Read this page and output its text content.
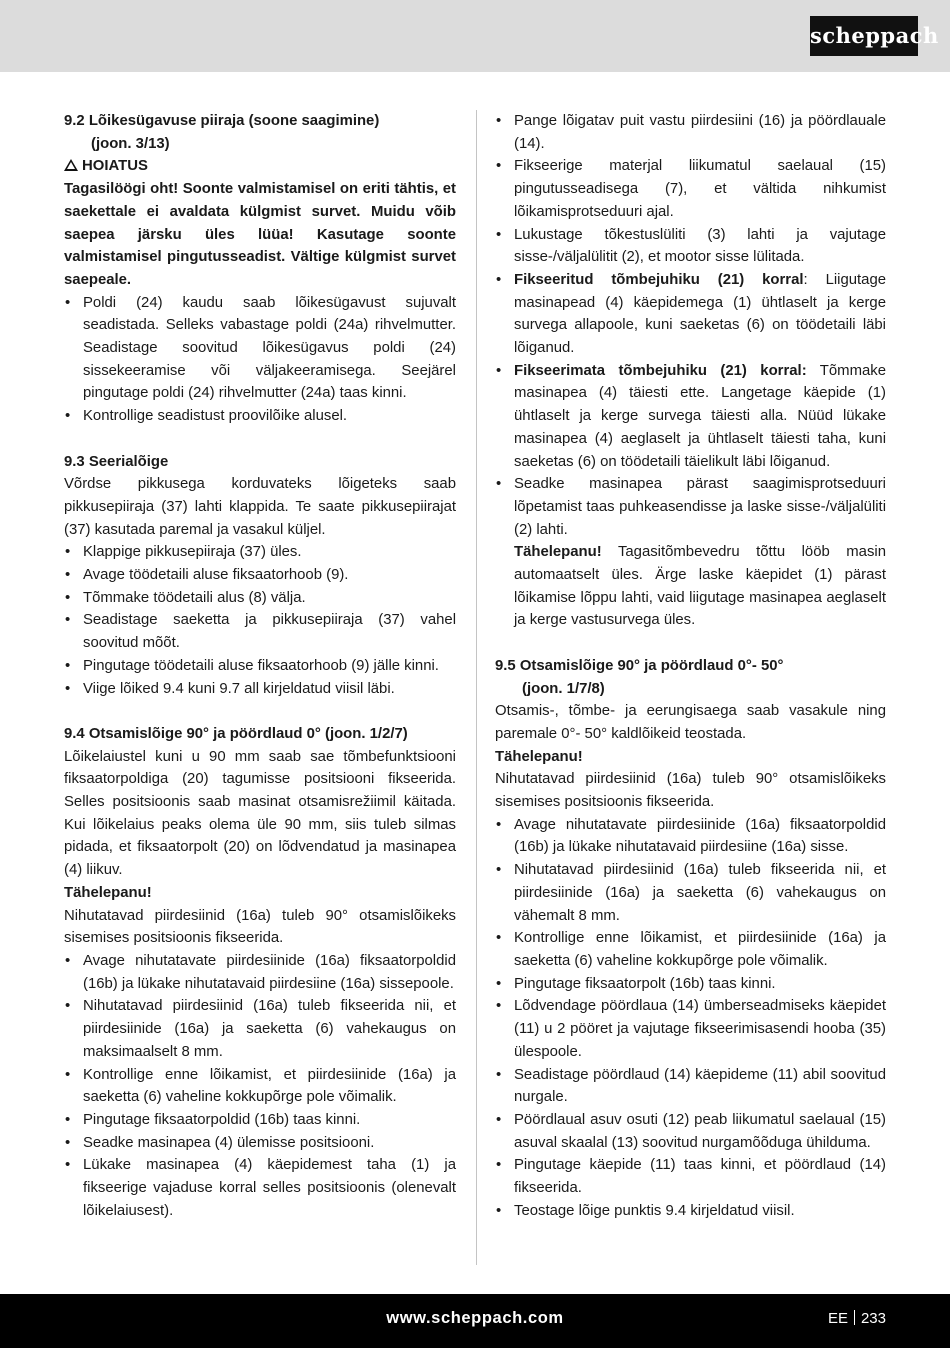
scheppach
9.2 Lõikesügavuse piiraja (soone saagimine)
(joon. 3/13)
HOIATUS
Tagasilöögi oht! Soonte valmistamisel on eriti tähtis, et saekettale ei avaldata külgmist survet. Muidu võib saepea järsku üles lüüa! Kasutage soonte valmistamisel pingutusseadist. Vältige külgmist survet saepeale.
• Poldi (24) kaudu saab lõikesügavust sujuvalt seadistada. Selleks vabastage poldi (24a) rihvelmutter. Seadistage soovitud lõikesügavus poldi (24) sissekeeramise või väljakeeramisega. Seejärel pingutage poldi (24) rihvelmutter (24a) taas kinni.
• Kontrollige seadistust proovilõike alusel.
9.3 Seerialõige
Võrdse pikkusega korduvateks lõigeteks saab pikkusepiiraja (37) lahti klappida. Te saate pikkusepiirajat (37) kasutada paremal ja vasakul küljel.
• Klappige pikkusepiiraja (37) üles.
• Avage töödetaili aluse fiksaatorhoob (9).
• Tõmmake töödetaili alus (8) välja.
• Seadistage saeketta ja pikkusepiiraja (37) vahel soovitud mõõt.
• Pingutage töödetaili aluse fiksaatorhoob (9) jälle kinni.
• Viige lõiked 9.4 kuni 9.7 all kirjeldatud viisil läbi.
9.4 Otsamislõige 90° ja pöördlaud 0° (joon. 1/2/7)
Lõikelaiustel kuni u 90 mm saab sae tõmbefunktsiooni fiksaatorpoldiga (20) tagumisse positsiooni fikseerida. Selles positsioonis saab masinat otsamisrežiimil käitada. Kui lõikelaius peaks olema üle 90 mm, siis tuleb silmas pidada, et fiksaatorpolt (20) on lõdvendatud ja masinapea (4) liikuv.
Tähelepanu!
Nihutatavad piirdesiinid (16a) tuleb 90° otsamislõikeks sisemises positsioonis fikseerida.
• Avage nihutatavate piirdesiinide (16a) fiksaatorpoldid (16b) ja lükake nihutatavaid piirdesiine (16a) sissepoole.
• Nihutatavad piirdesiinid (16a) tuleb fikseerida nii, et piirdesiinide (16a) ja saeketta (6) vahekaugus on maksimaalselt 8 mm.
• Kontrollige enne lõikamist, et piirdesiinide (16a) ja saeketta (6) vaheline kokkupõrge pole võimalik.
• Pingutage fiksaatorpoldid (16b) taas kinni.
• Seadke masinapea (4) ülemisse positsiooni.
• Lükake masinapea (4) käepidemest taha (1) ja fikseerige vajaduse korral selles positsioonis (olenevalt lõikelaiusest).
• Pange lõigatav puit vastu piirdesiini (16) ja pöördlauale (14).
• Fikseerige materjal liikumatul saelaual (15) pingutusseadisega (7), et vältida nihkumist lõikamisprotseduuri ajal.
• Lukustage tõkestuslüliti (3) lahti ja vajutage sisse-/väljalülitit (2), et mootor sisse lülitada.
• Fikseeritud tõmbejuhiku (21) korral: Liigutage masinapead (4) käepidemega (1) ühtlaselt ja kerge survega allapoole, kuni saeketas (6) on töödetaili läbi lõiganud.
• Fikseerimata tõmbejuhiku (21) korral: Tõmmake masinapea (4) täiesti ette. Langetage käepide (1) ühtlaselt ja kerge survega täiesti alla. Nüüd lükake masinapea (4) aeglaselt ja ühtlaselt täiesti taha, kuni saeketas (6) on töödetaili täielikult läbi lõiganud.
• Seadke masinapea pärast saagimisprotseduuri lõpetamist taas puhkeasendisse ja laske sisse-/väljalüliti (2) lahti.
Tähelepanu! Tagasitõmbevedru tõttu lööb masin automaatselt üles. Ärge laske käepidet (1) pärast lõikamise lõppu lahti, vaid liigutage masinapea aeglaselt ja kerge vastusurvega üles.
9.5 Otsamislõige 90° ja pöördlaud 0°- 50°
(joon. 1/7/8)
Otsamis-, tõmbe- ja eerungisaega saab vasakule ning paremale 0°- 50° kaldlõikeid teostada.
Tähelepanu!
Nihutatavad piirdesiinid (16a) tuleb 90° otsamislõikeks sisemises positsioonis fikseerida.
• Avage nihutatavate piirdesiinide (16a) fiksaatorpoldid (16b) ja lükake nihutatavaid piirdesiine (16a) sisse.
• Nihutatavad piirdesiinid (16a) tuleb fikseerida nii, et piirdesiinide (16a) ja saeketta (6) vahekaugus on vähemalt 8 mm.
• Kontrollige enne lõikamist, et piirdesiinide (16a) ja saeketta (6) vaheline kokkupõrge pole võimalik.
• Pingutage fiksaatorpolt (16b) taas kinni.
• Lõdvendage pöördlaua (14) ümberseadmiseks käepidet (11) u 2 pööret ja vajutage fikseerimisasendi hooba (35) ülespoole.
• Seadistage pöördlaud (14) käepideme (11) abil soovitud nurgale.
• Pöördlaual asuv osuti (12) peab liikumatul saelaual (15) asuval skaalal (13) soovitud nurgamõõduga ühilduma.
• Pingutage käepide (11) taas kinni, et pöördlaud (14) fikseerida.
• Teostage lõige punktis 9.4 kirjeldatud viisil.
www.scheppach.com	EE 233
